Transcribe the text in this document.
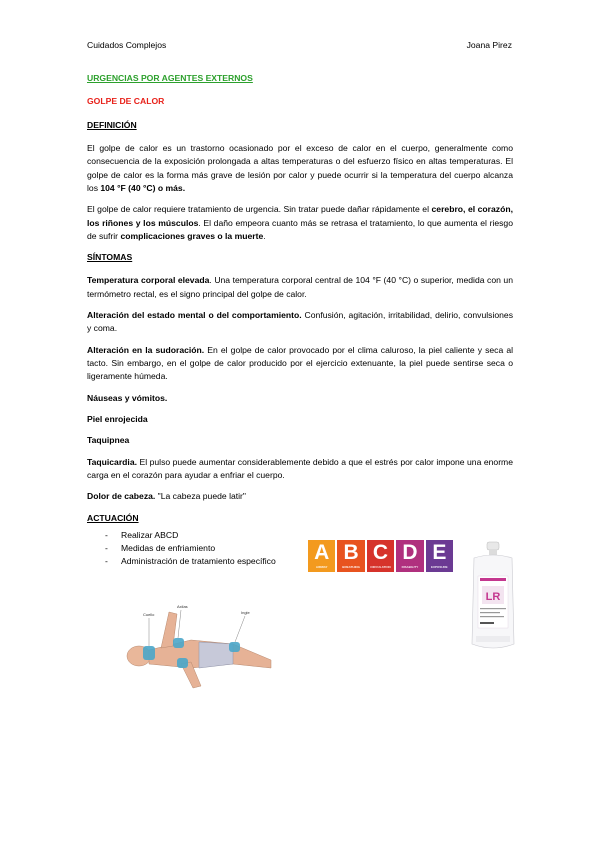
Cuidados Complejos	Joana Pirez
URGENCIAS POR AGENTES EXTERNOS
GOLPE DE CALOR
DEFINICIÓN

El golpe de calor es un trastorno ocasionado por el exceso de calor en el cuerpo, generalmente como consecuencia de la exposición prolongada a altas temperaturas o del esfuerzo físico en altas temperaturas. El golpe de calor es la forma más grave de lesión por calor y puede ocurrir si la temperatura del cuerpo alcanza los 104 °F (40 °C) o más.

El golpe de calor requiere tratamiento de urgencia. Sin tratar puede dañar rápidamente el cerebro, el corazón, los riñones y los músculos. El daño empeora cuanto más se retrasa el tratamiento, lo que aumenta el riesgo de sufrir complicaciones graves o la muerte.

SÍNTOMAS

Temperatura corporal elevada. Una temperatura corporal central de 104 °F (40 °C) o superior, medida con un termómetro rectal, es el signo principal del golpe de calor.

Alteración del estado mental o del comportamiento. Confusión, agitación, irritabilidad, delirio, convulsiones y coma.

Alteración en la sudoración. En el golpe de calor provocado por el clima caluroso, la piel caliente y seca al tacto. Sin embargo, en el golpe de calor producido por el ejercicio extenuante, la piel puede sentirse seca o ligeramente húmeda.

Náuseas y vómitos.

Piel enrojecida

Taquipnea

Taquicardia. El pulso puede aumentar considerablemente debido a que el estrés por calor impone una enorme carga en el corazón para ayudar a enfriar el cuerpo.

Dolor de cabeza. "La cabeza puede latir"

ACTUACIÓN
- Realizar ABCD
- Medidas de enfriamiento
- Administración de tratamiento específico	A
AIRWAY
B
BREATHING
C
CIRCULATION
D
DISABILITY
E
EXPOSURE
Cuello
Axilas
Ingle
LR
